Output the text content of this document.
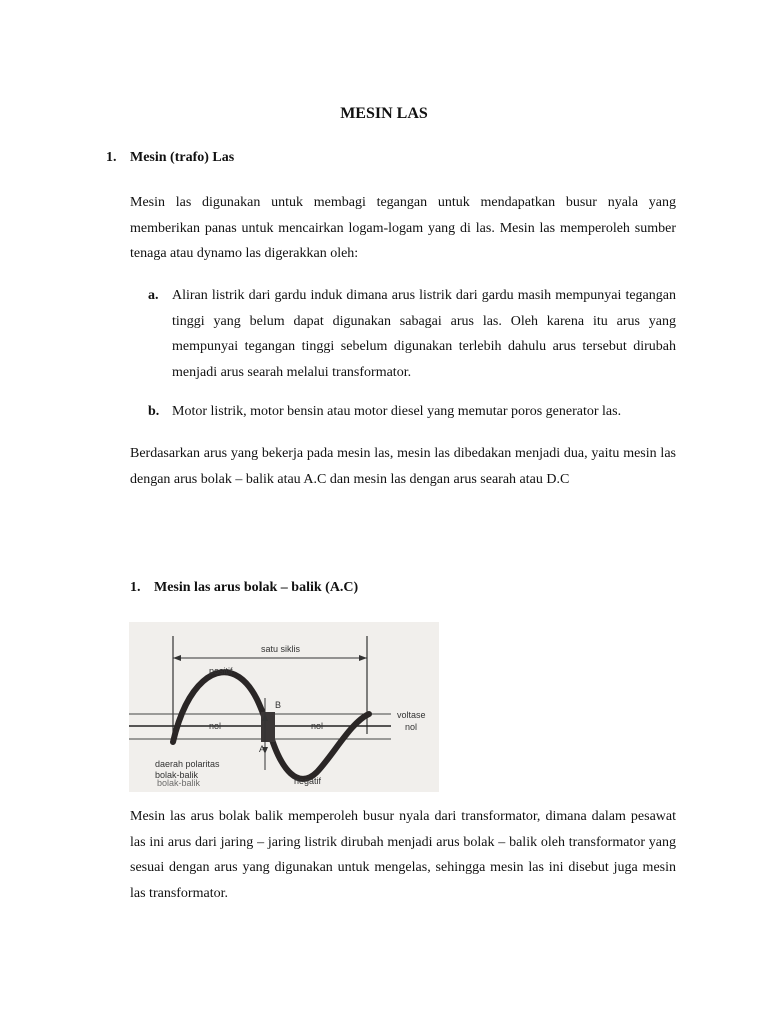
MESIN LAS
1. Mesin (trafo) Las

Mesin las digunakan untuk membagi tegangan untuk mendapatkan busur nyala yang memberikan panas untuk mencairkan logam-logam yang di las. Mesin las memperoleh sumber tenaga atau dynamo las digerakkan oleh:

a. Aliran listrik dari gardu induk dimana arus listrik dari gardu masih mempunyai tegangan tinggi yang belum dapat digunakan sabagai arus las. Oleh karena itu arus yang mempunyai tegangan tinggi sebelum digunakan terlebih dahulu arus tersebut dirubah menjadi arus searah melalui transformator.
b. Motor listrik, motor bensin atau motor diesel yang memutar poros generator las.

Berdasarkan arus yang bekerja pada mesin las, mesin las dibedakan menjadi dua, yaitu mesin las dengan arus bolak – balik atau A.C dan mesin las dengan arus searah atau D.C

1. Mesin las arus bolak – balik (A.C)
satu siklis
positif
nol	nol
voltase
nol
B
A
daerah polaritas
bolak-balik
bolak-balik	negatif

Mesin las arus bolak balik memperoleh busur nyala dari transformator, dimana dalam pesawat las ini arus dari jaring – jaring listrik dirubah menjadi arus bolak – balik oleh transformator yang sesuai dengan arus yang digunakan untuk mengelas, sehingga mesin las ini disebut juga mesin las transformator.
